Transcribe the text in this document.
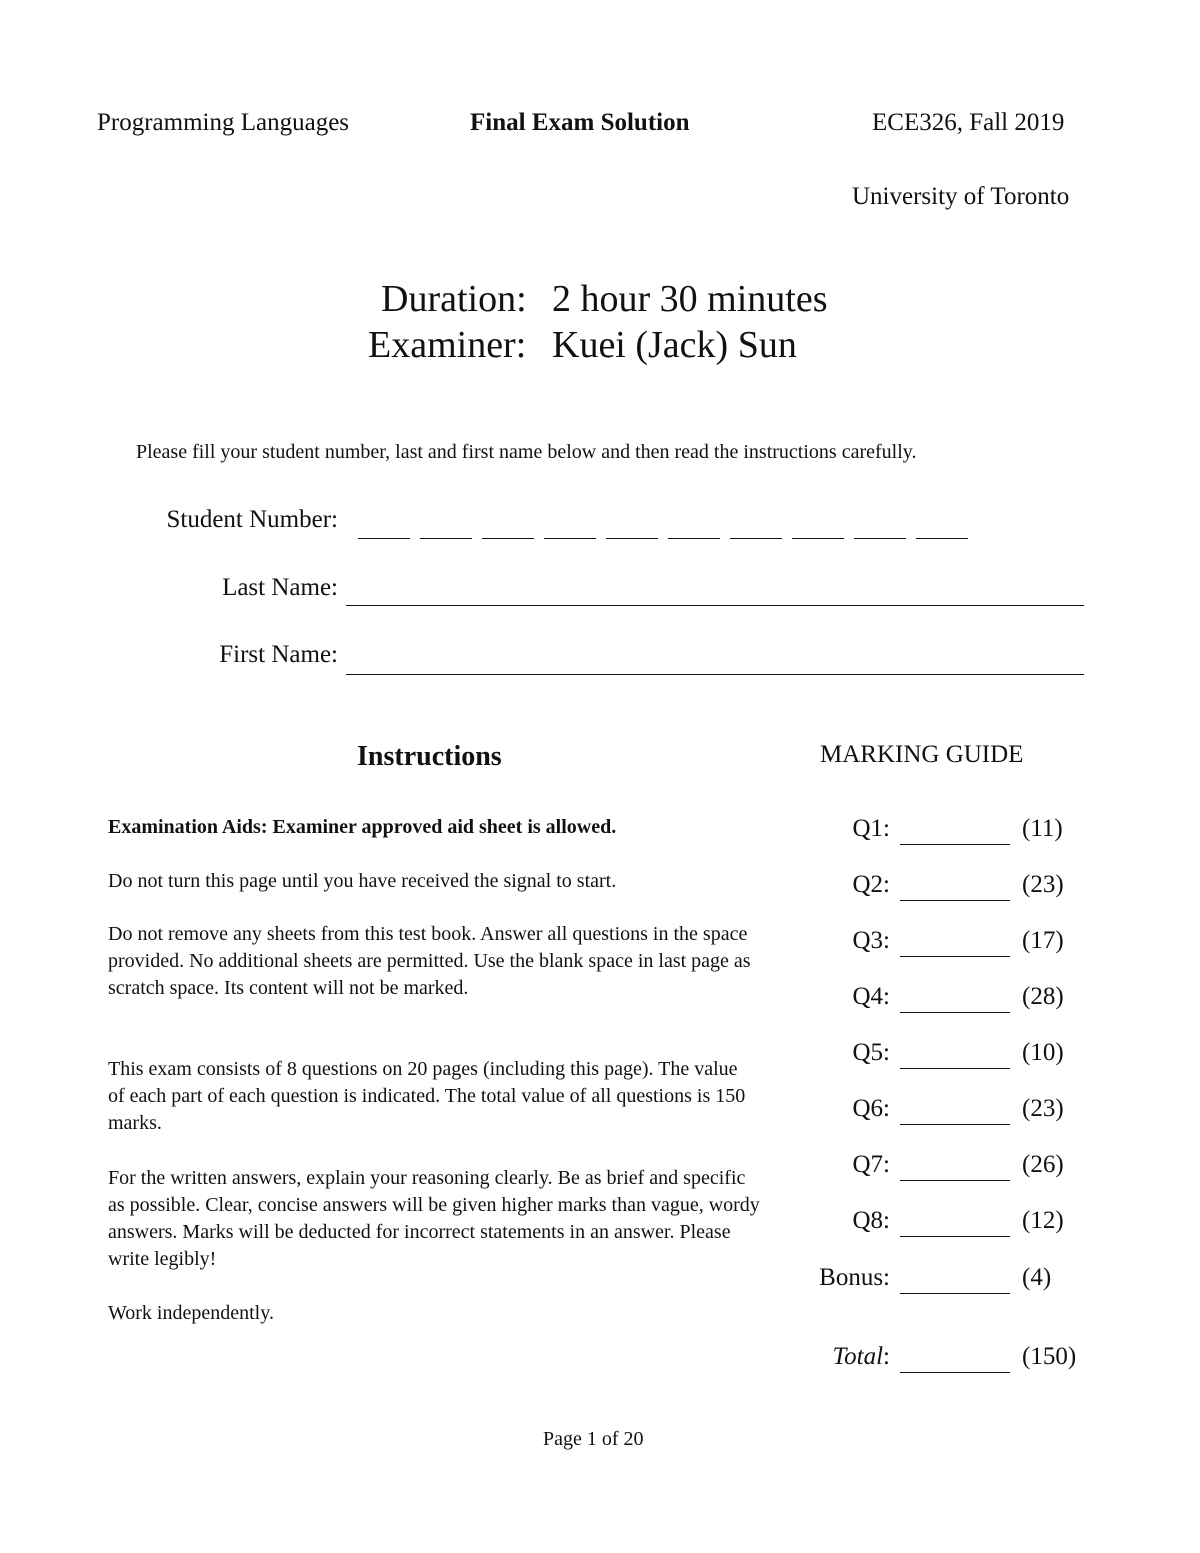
Programming Languages	Final Exam Solution	ECE326, Fall 2019
University of Toronto
Duration: 2 hour 30 minutes
Examiner: Kuei (Jack) Sun
Please fill your student number, last and first name below and then read the instructions carefully.
Student Number:
Last Name:
First Name:
Instructions
Examination Aids: Examiner approved aid sheet is allowed.
Do not turn this page until you have received the signal to start.
Do not remove any sheets from this test book. Answer all questions in the space provided. No additional sheets are permitted. Use the blank space in last page as scratch space. Its content will not be marked.
This exam consists of 8 questions on 20 pages (including this page). The value of each part of each question is indicated. The total value of all questions is 150 marks.
For the written answers, explain your reasoning clearly. Be as brief and specific as possible. Clear, concise answers will be given higher marks than vague, wordy answers. Marks will be deducted for incorrect statements in an answer. Please write legibly!
Work independently.
MARKING GUIDE
Q1:	(11)
Q2:	(23)
Q3:	(17)
Q4:	(28)
Q5:	(10)
Q6:	(23)
Q7:	(26)
Q8:	(12)
Bonus:	(4)
Total:	(150)
Page 1 of 20
